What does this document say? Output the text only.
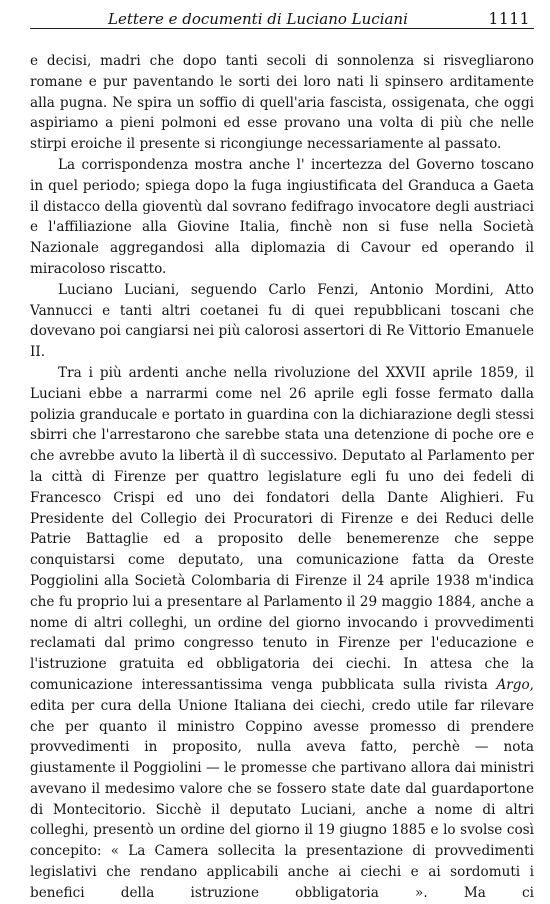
Lettere e documenti di Luciano Luciani	1111

e decisi, madri che dopo tanti secoli di sonnolenza si risvegliarono romane e pur paventando le sorti dei loro nati li spinsero arditamente alla pugna. Ne spira un soffio di quell'aria fascista, ossigenata, che oggi aspiriamo a pieni polmoni ed esse provano una volta di più che nelle stirpi eroiche il presente si ricongiunge necessariamente al passato.

La corrispondenza mostra anche l' incertezza del Governo toscano in quel periodo; spiega dopo la fuga ingiustificata del Granduca a Gaeta il distacco della gioventù dal sovrano fedifrago invocatore degli austriaci e l'affiliazione alla Giovine Italia, finchè non si fuse nella Società Nazionale aggregandosi alla diplomazia di Cavour ed operando il miracoloso riscatto.

Luciano Luciani, seguendo Carlo Fenzi, Antonio Mordini, Atto Vannucci e tanti altri coetanei fu di quei repubblicani toscani che dovevano poi cangiarsi nei più calorosi assertori di Re Vittorio Emanuele II.

Tra i più ardenti anche nella rivoluzione del XXVII aprile 1859, il Luciani ebbe a narrarmi come nel 26 aprile egli fosse fermato dalla polizia granducale e portato in guardina con la dichiarazione degli stessi sbirri che l'arrestarono che sarebbe stata una detenzione di poche ore e che avrebbe avuto la libertà il dì successivo. Deputato al Parlamento per la città di Firenze per quattro legislature egli fu uno dei fedeli di Francesco Crispi ed uno dei fondatori della Dante Alighieri. Fu Presidente del Collegio dei Procuratori di Firenze e dei Reduci delle Patrie Battaglie ed a proposito delle benemerenze che seppe conquistarsi come deputato, una comunicazione fatta da Oreste Poggiolini alla Società Colombaria di Firenze il 24 aprile 1938 m'indica che fu proprio lui a presentare al Parlamento il 29 maggio 1884, anche a nome di altri colleghi, un ordine del giorno invocando i provvedimenti reclamati dal primo congresso tenuto in Firenze per l'educazione e l'istruzione gratuita ed obbligatoria dei ciechi. In attesa che la comunicazione interessantissima venga pubblicata sulla rivista Argo, edita per cura della Unione Italiana dei ciechi, credo utile far rilevare che per quanto il ministro Coppino avesse promesso di prendere provvedimenti in proposito, nulla aveva fatto, perchè — nota giustamente il Poggiolini — le promesse che partivano allora dai ministri avevano il medesimo valore che se fossero state date dal guardaportone di Montecitorio. Sicchè il deputato Luciani, anche a nome di altri colleghi, presentò un ordine del giorno il 19 giugno 1885 e lo svolse così concepito: « La Camera sollecita la presentazione di provvedimenti legislativi che rendano applicabili anche ai ciechi e ai sordomuti i benefici della istruzione obbligatoria ». Ma ci
